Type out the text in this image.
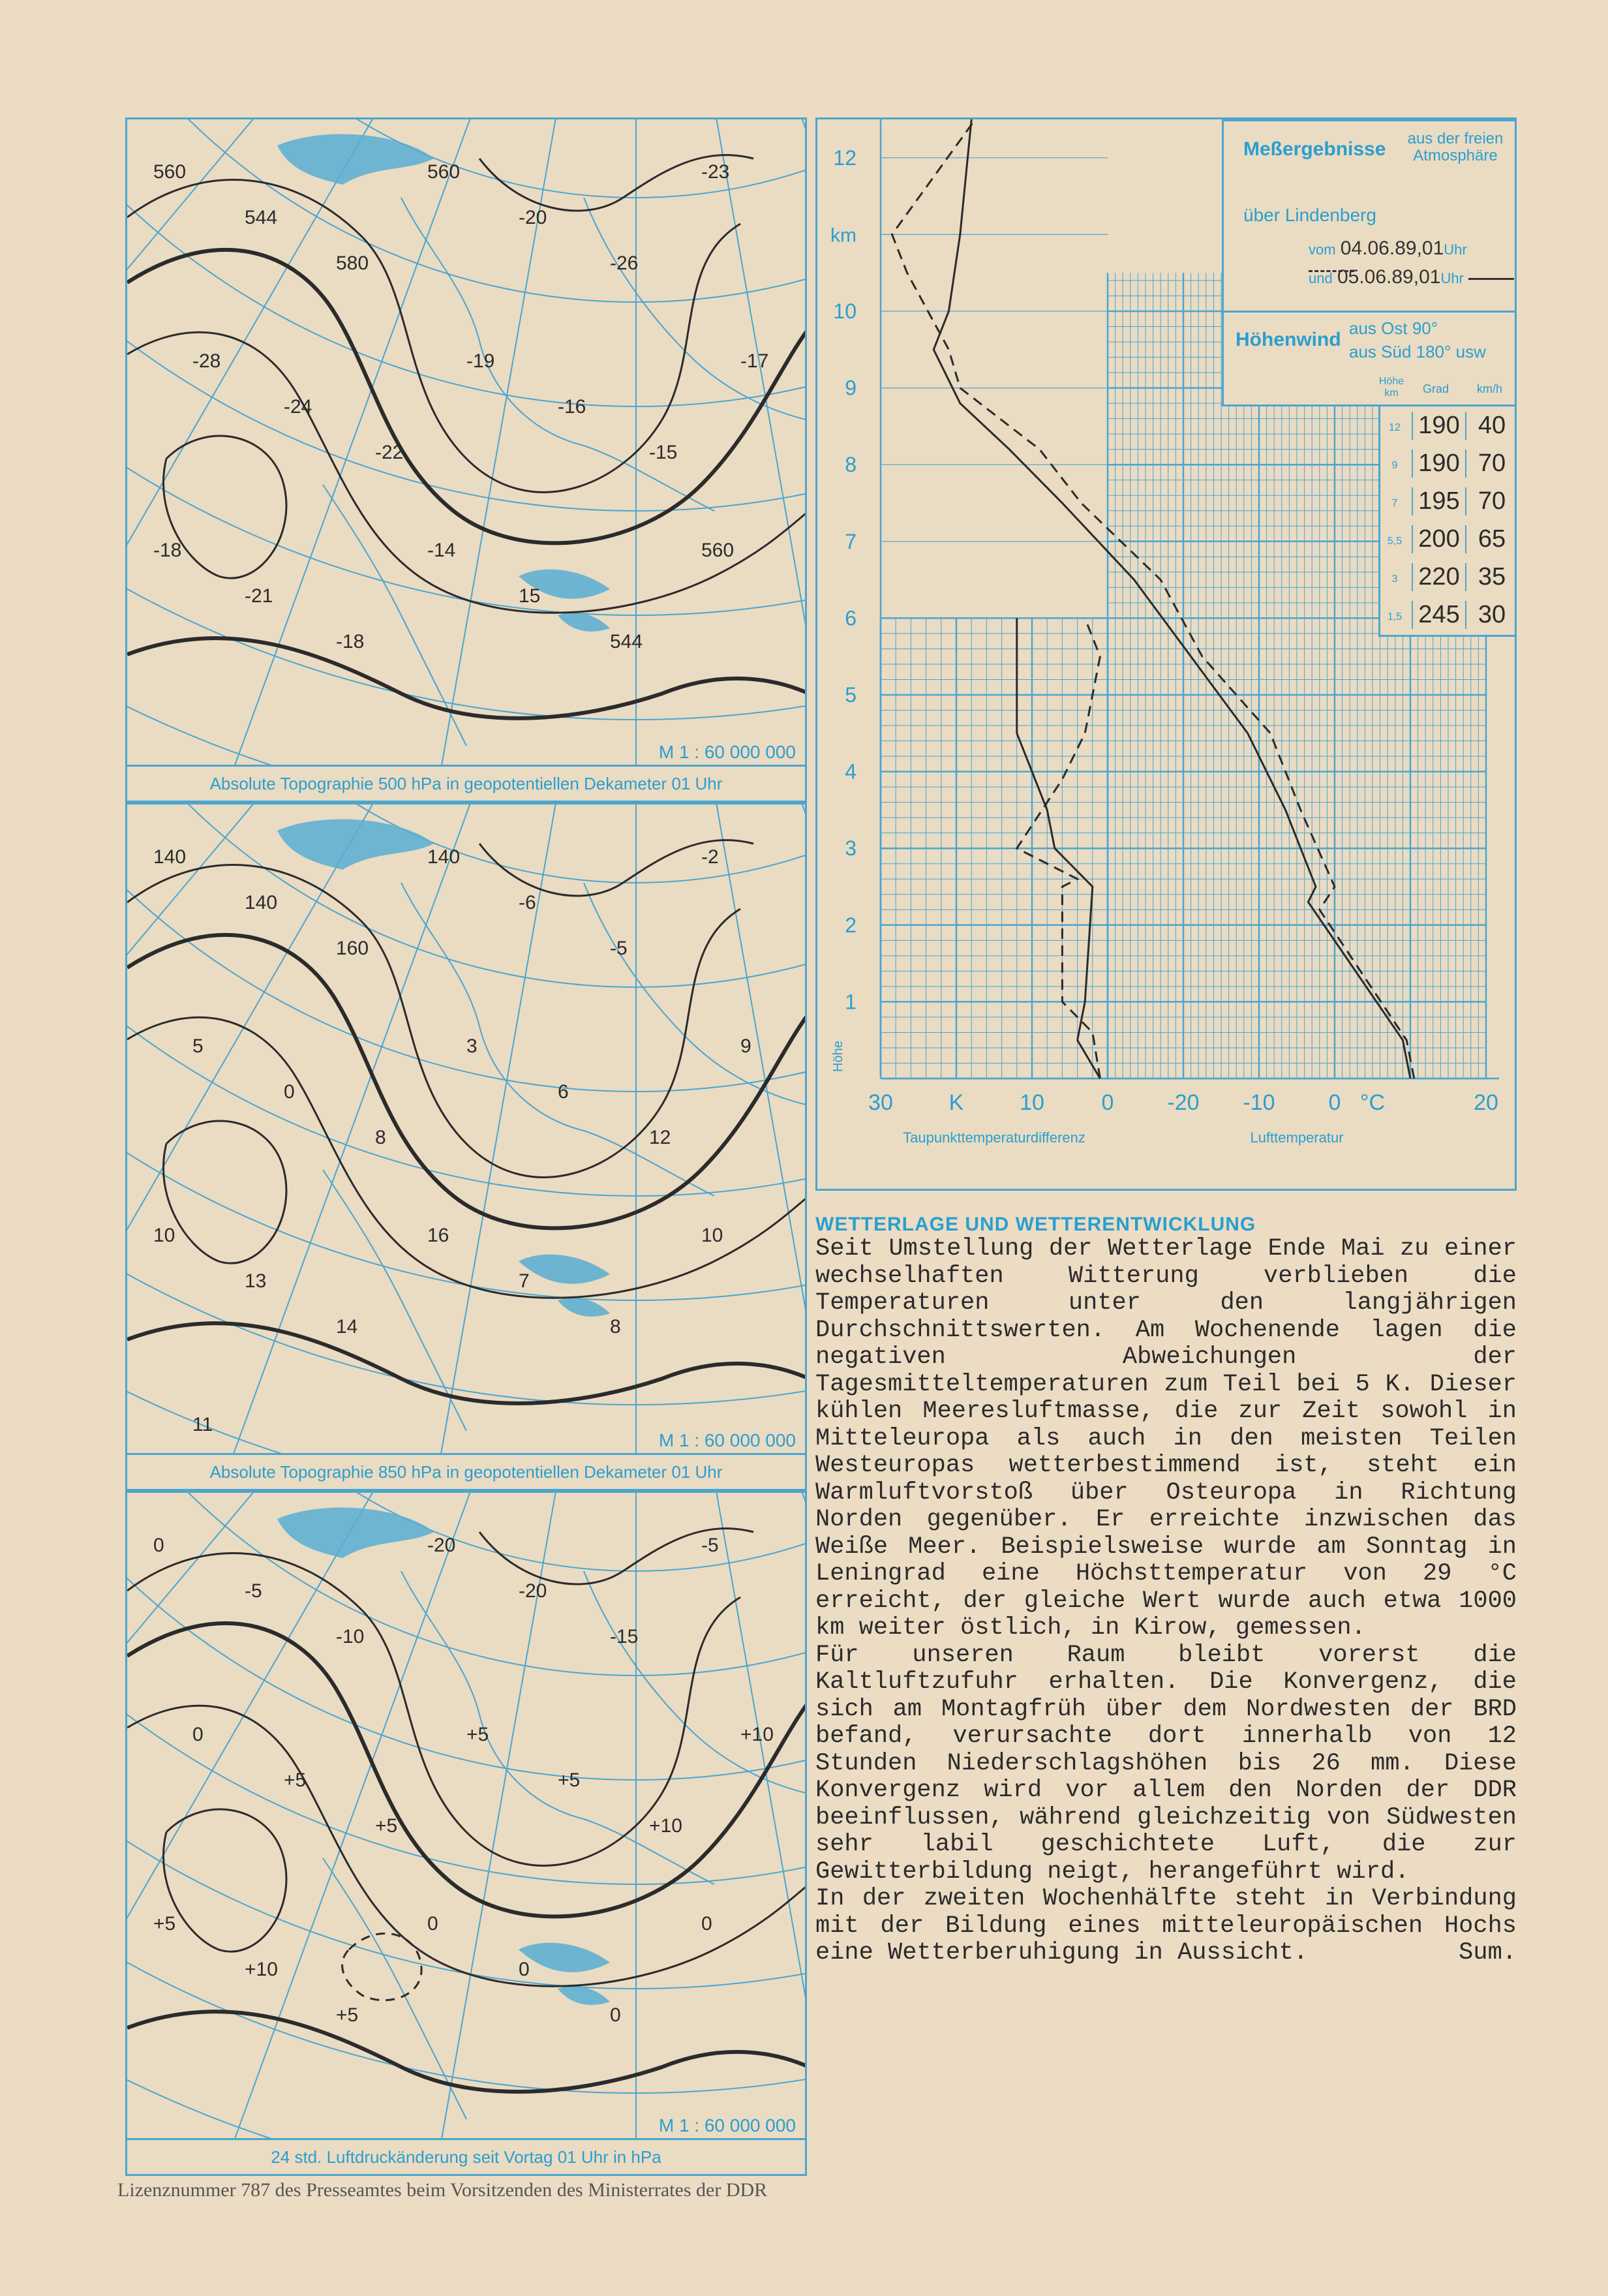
560
544
580
560
-20
-26
-23
-28
-24
-22
-19
-16
-15
-17
-18
-21
-18
-14
15
544
560
M 1 : 60 000 000
Absolute Topographie 500 hPa in geopotentiellen Dekameter 01 Uhr
140
140
160
140
-6
-5
-2
5
0
8
3
6
12
9
10
13
14
16
7
8
10
11
M 1 : 60 000 000
Absolute Topographie 850 hPa in geopotentiellen Dekameter 01 Uhr
0
-5
-10
-20
-20
-15
-5
0
+5
+5
+5
+5
+10
+10
+5
+10
+5
0
0
0
0
M 1 : 60 000 000
24 std. Luftdruckänderung seit Vortag 01 Uhr in hPa
12
10
9
8
7
6
5
4
3
2
1
km
Höhe
30	K	10	0 -20 -10 0 °C	20
Taupunkttemperaturdifferenz	Lufttemperatur
Meßergebnisse	aus der freien Atmosphäre
über Lindenberg
vom 04.06.89,01Uhr
und 05.06.89,01Uhr
Höhenwind
aus Ost 90°
aus Süd 180° usw
Höhe km	Grad km/h
12 190 40
9 190 70
7 195 70
5,5 200 65
3 220 35
1,5 245 30
WETTERLAGE UND WETTERENTWICKLUNG

Seit Umstellung der Wetterlage Ende Mai zu einer wechselhaften Witterung verblieben die Temperaturen unter den langjährigen Durchschnittswerten. Am Wochenende lagen die negativen Abweichungen der Tagesmitteltemperaturen zum Teil bei 5 K. Dieser kühlen Meeresluftmasse, die zur Zeit sowohl in Mitteleuropa als auch in den meisten Teilen Westeuropas wetterbestimmend ist, steht ein Warmluftvorstoß über Osteuropa in Richtung Norden gegenüber. Er erreichte inzwischen das Weiße Meer. Beispielsweise wurde am Sonntag in Leningrad eine Höchsttemperatur von 29 °C erreicht, der gleiche Wert wurde auch etwa 1000 km weiter östlich, in Kirow, gemessen.

Für unseren Raum bleibt vorerst die Kaltluftzufuhr erhalten. Die Konvergenz, die sich am Montagfrüh über dem Nordwesten der BRD befand, verursachte dort innerhalb von 12 Stunden Niederschlagshöhen bis 26 mm. Diese Konvergenz wird vor allem den Norden der DDR beeinflussen, während gleichzeitig von Südwesten sehr labil geschichtete Luft, die zur Gewitterbildung neigt, herangeführt wird.

In der zweiten Wochenhälfte steht in Verbindung mit der Bildung eines mitteleuropäischen Hochs eine Wetterberuhigung in Aussicht.	Sum.

Lizenznummer 787 des Presseamtes beim Vorsitzenden des Ministerrates der DDR
